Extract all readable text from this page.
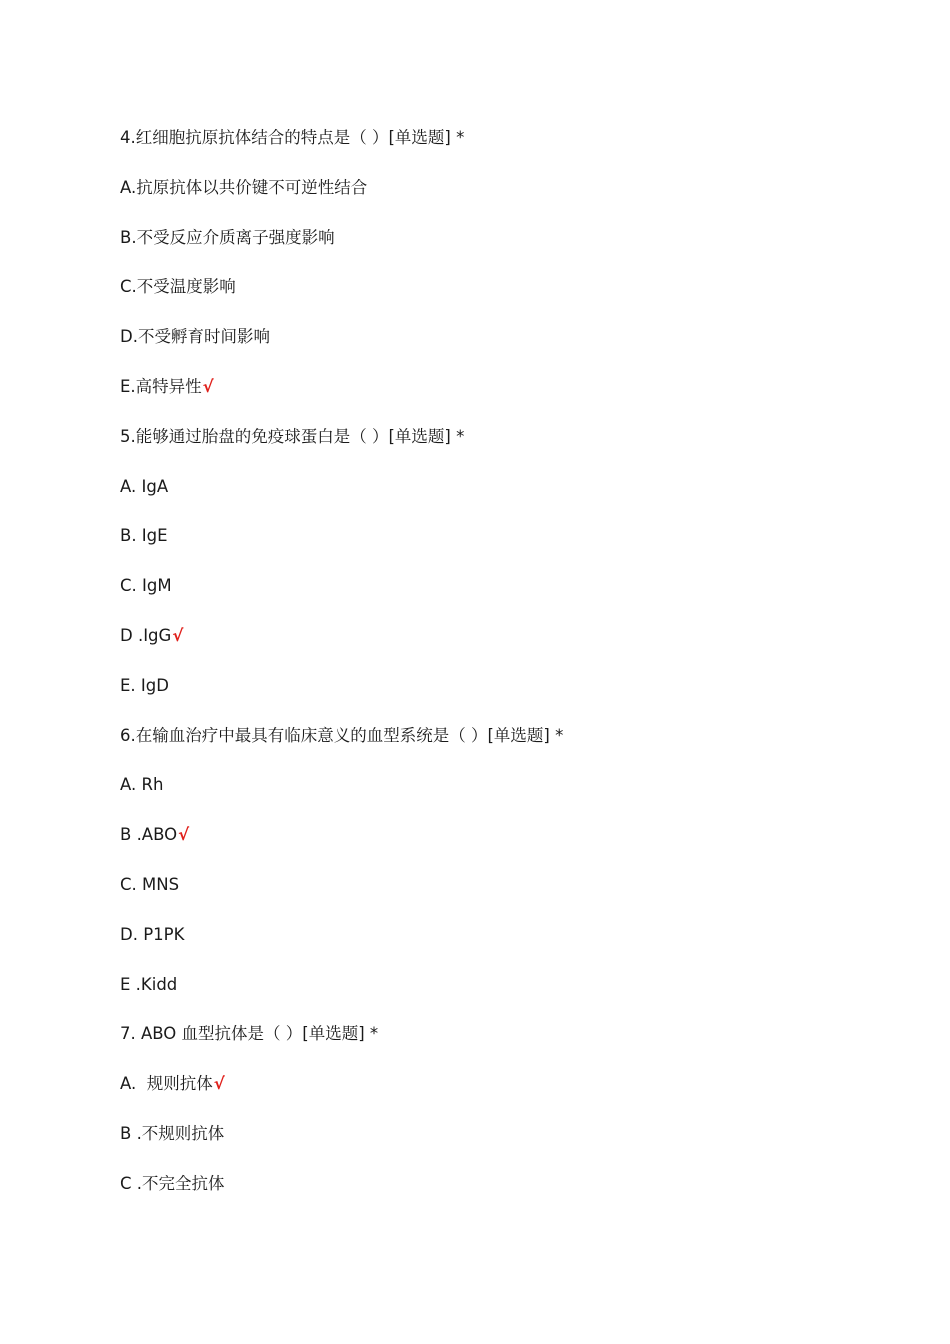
4.红细胞抗原抗体结合的特点是（ ）[单选题] *
A.抗原抗体以共价键不可逆性结合
B.不受反应介质离子强度影响
C.不受温度影响
D.不受孵育时间影响
E.高特异性√
5.能够通过胎盘的免疫球蛋白是（ ）[单选题] *
A. IgA
B. IgE
C. IgM
D .IgG√
E. IgD
6.在输血治疗中最具有临床意义的血型系统是（ ）[单选题] *
A. Rh
B .ABO√
C. MNS
D. P1PK
E .Kidd
7. ABO 血型抗体是（ ）[单选题] *
A.  规则抗体√
B .不规则抗体
C .不完全抗体
